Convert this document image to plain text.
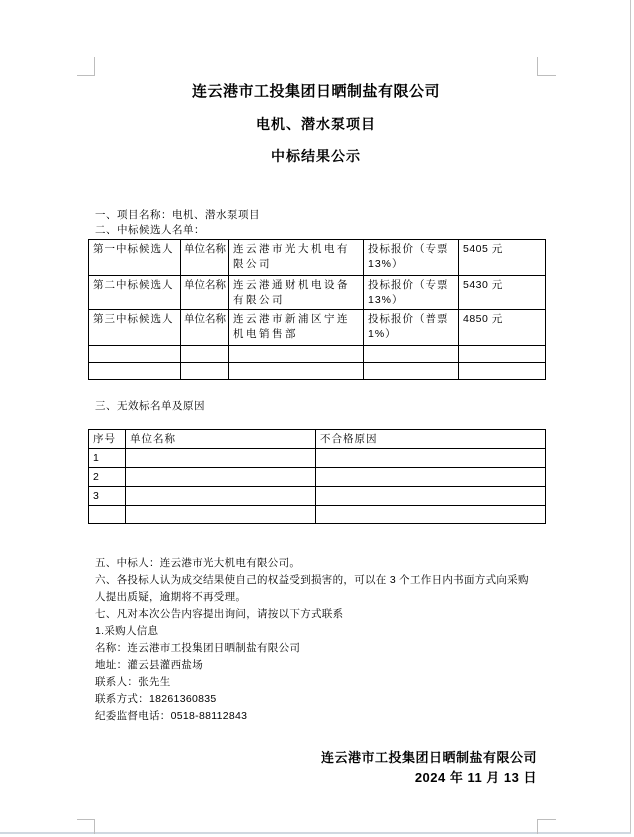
连云港市工投集团日晒制盐有限公司
电机、潜水泵项目
中标结果公示

一、项目名称：电机、潜水泵项目

二、中标候选人名单：

第一中标候选人	单位名称	连云港市光大机电有限公司	投标报价（专票13%）	5405 元
第二中标候选人	单位名称	连云港通财机电设备有限公司	投标报价（专票13%）	5430 元
第三中标候选人	单位名称	连云港市新浦区宁连机电销售部	投标报价（普票1%）	4850 元

三、无效标名单及原因

序号	单位名称	不合格原因
1		
2		
3		

五、中标人：连云港市光大机电有限公司。

六、各投标人认为成交结果使自己的权益受到损害的，可以在 3 个工作日内书面方式向采购人提出质疑，逾期将不再受理。

七、凡对本次公告内容提出询问，请按以下方式联系

1.采购人信息

名称：连云港市工投集团日晒制盐有限公司

地址：灌云县灌西盐场

联系人：张先生

联系方式：18261360835

纪委监督电话：0518-88112843

连云港市工投集团日晒制盐有限公司
2024 年 11 月 13 日
